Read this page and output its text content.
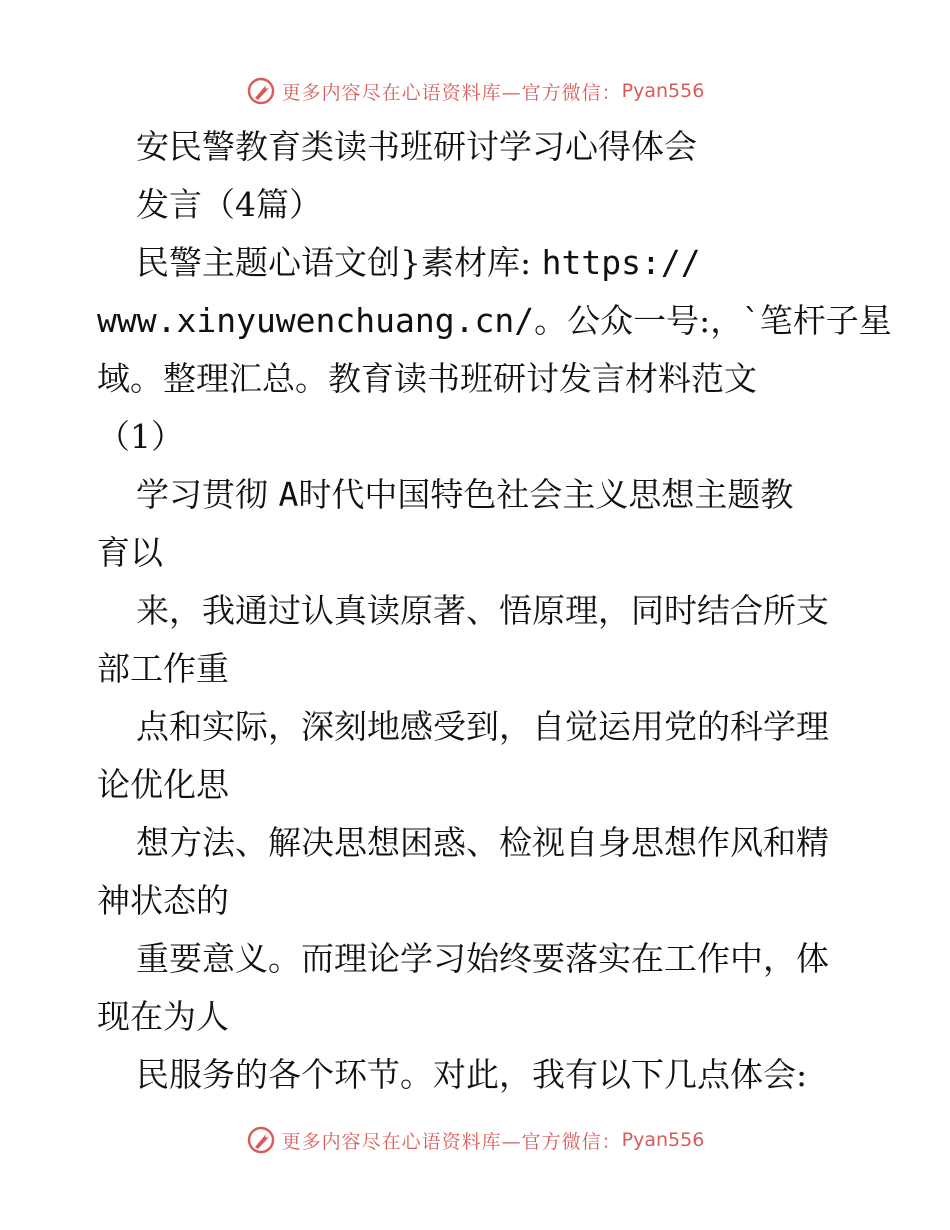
更多内容尽在心语资料库—官方微信： Pyan556
安民警教育类读书班研讨学习心得体会
发言（4篇）
民警主题心语文创}素材库: https://
www.xinyuwenchuang.cn/。公众一号:，`笔杆子星
域。整理汇总。教育读书班研讨发言材料范文
（1）
学习贯彻 A时代中国特色社会主义思想主题教
育以
来，我通过认真读原著、悟原理，同时结合所支
部工作重
点和实际，深刻地感受到，自觉运用党的科学理
论优化思
想方法、解决思想困惑、检视自身思想作风和精
神状态的
重要意义。而理论学习始终要落实在工作中，体
现在为人
民服务的各个环节。对此，我有以下几点体会:
更多内容尽在心语资料库—官方微信： Pyan556
